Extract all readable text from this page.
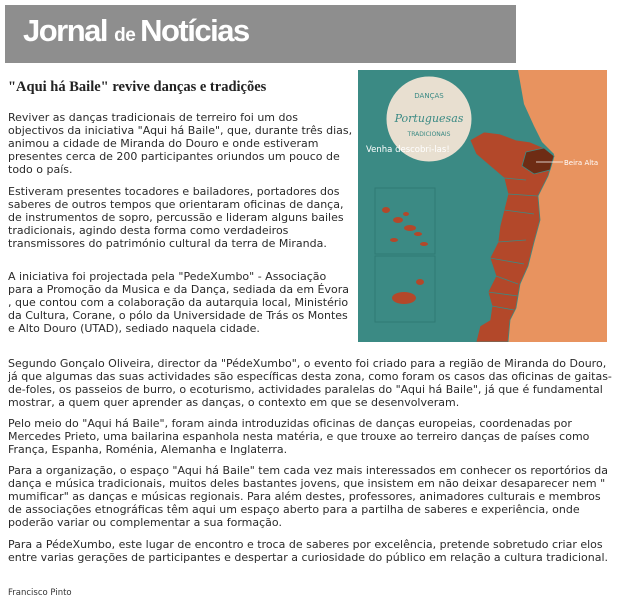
Jornal de Notícias
"Aqui há Baile" revive danças e tradições
Reviver as danças tradicionais de terreiro foi um dos objectivos da iniciativa "Aqui há Baile", que, durante três dias, animou a cidade de Miranda do Douro e onde estiveram presentes cerca de 200 participantes oriundos um pouco de todo o país.
Estiveram presentes tocadores e bailadores, portadores dos saberes de outros tempos que orientaram oficinas de dança, de instrumentos de sopro, percussão e lideram alguns bailes tradicionais, agindo desta forma como verdadeiros transmissores do património cultural da terra de Miranda.
A iniciativa foi projectada pela "PedeXumbo" - Associação para a Promoção da Musica e da Dança, sediada da em Évora , que contou com a colaboração da autarquia local, Ministério da Cultura, Corane, o pólo da Universidade de Trás os Montes e Alto Douro (UTAD), sediado naquela cidade.
Segundo Gonçalo Oliveira, director da "PédeXumbo", o evento foi criado para a região de Miranda do Douro, já que algumas das suas actividades são específicas desta zona, como foram os casos das oficinas de gaitas-de-foles, os passeios de burro, o ecoturismo, actividades paralelas do "Aqui há Baile", já que é fundamental mostrar, a quem quer aprender as danças, o contexto em que se desenvolveram.
Pelo meio do "Aqui há Baile", foram ainda introduzidas oficinas de danças europeias, coordenadas por Mercedes Prieto, uma bailarina espanhola nesta matéria, e que trouxe ao terreiro danças de países como França, Espanha, Roménia, Alemanha e Inglaterra.
Para a organização, o espaço "Aqui há Baile" tem cada vez mais interessados em conhecer os reportórios da dança e música tradicionais, muitos deles bastantes jovens, que insistem em não deixar desaparecer nem " mumificar" as danças e músicas regionais. Para além destes, professores, animadores culturais e membros de associações etnográficas têm aqui um espaço aberto para a partilha de saberes e experiência, onde poderão variar ou complementar a sua formação.
Para a PédeXumbo, este lugar de encontro e troca de saberes por excelência, pretende sobretudo criar elos entre varias gerações de participantes e despertar a curiosidade do público em relação a cultura tradicional.
Francisco Pinto
DANÇAS
Portuguesas
TRADICIONAIS
Venha descobri-las!
Beira Alta
